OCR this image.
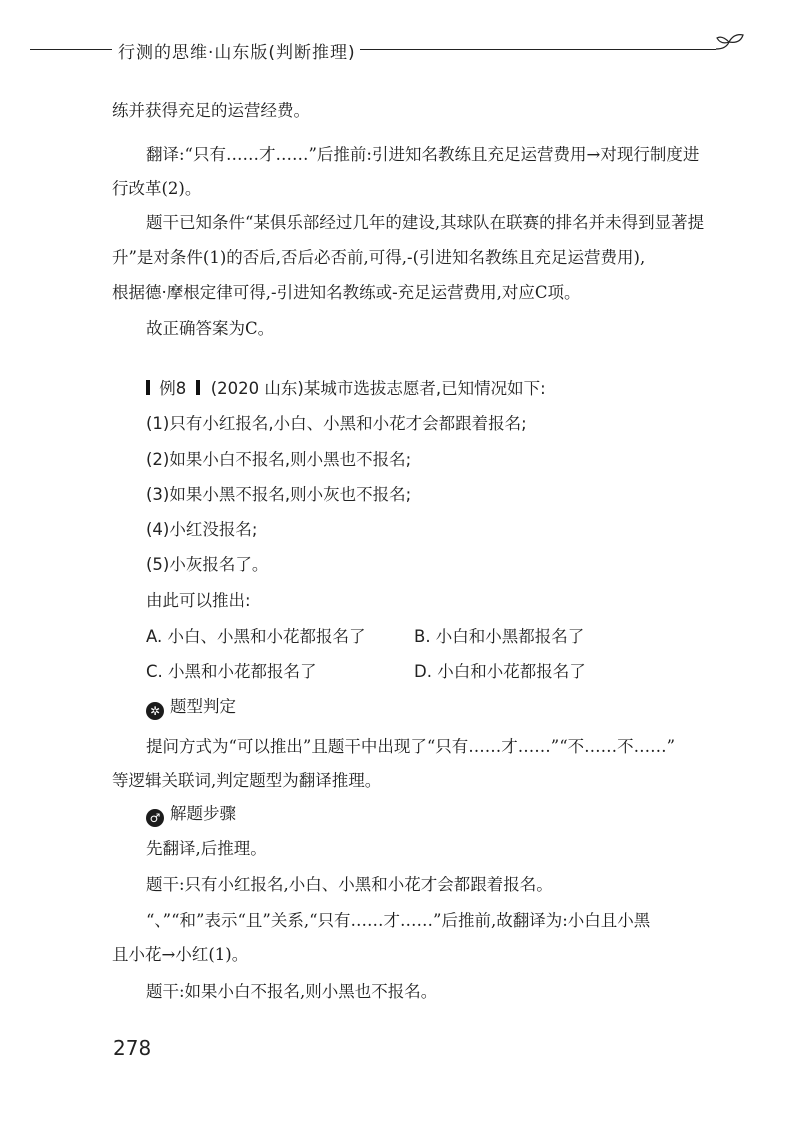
行测的思维·山东版(判断推理)
练并获得充足的运营经费。
翻译:“只有……才……”后推前:引进知名教练且充足运营费用→对现行制度进
行改革(2)。
题干已知条件“某俱乐部经过几年的建设,其球队在联赛的排名并未得到显著提
升”是对条件(1)的否后,否后必否前,可得,-(引进知名教练且充足运营费用),
根据德·摩根定律可得,-引进知名教练或-充足运营费用,对应C项。
故正确答案为C。
例8 (2020 山东)某城市选拔志愿者,已知情况如下:
(1)只有小红报名,小白、小黑和小花才会都跟着报名;
(2)如果小白不报名,则小黑也不报名;
(3)如果小黑不报名,则小灰也不报名;
(4)小红没报名;
(5)小灰报名了。
由此可以推出:
A. 小白、小黑和小花都报名了	B. 小白和小黑都报名了
C. 小黑和小花都报名了	D. 小白和小花都报名了
✲ 题型判定
提问方式为“可以推出”且题干中出现了“只有……才……”“不……不……”
等逻辑关联词,判定题型为翻译推理。
♂ 解题步骤
先翻译,后推理。
题干:只有小红报名,小白、小黑和小花才会都跟着报名。
“、”“和”表示“且”关系,“只有……才……”后推前,故翻译为:小白且小黑
且小花→小红(1)。
题干:如果小白不报名,则小黑也不报名。
278
